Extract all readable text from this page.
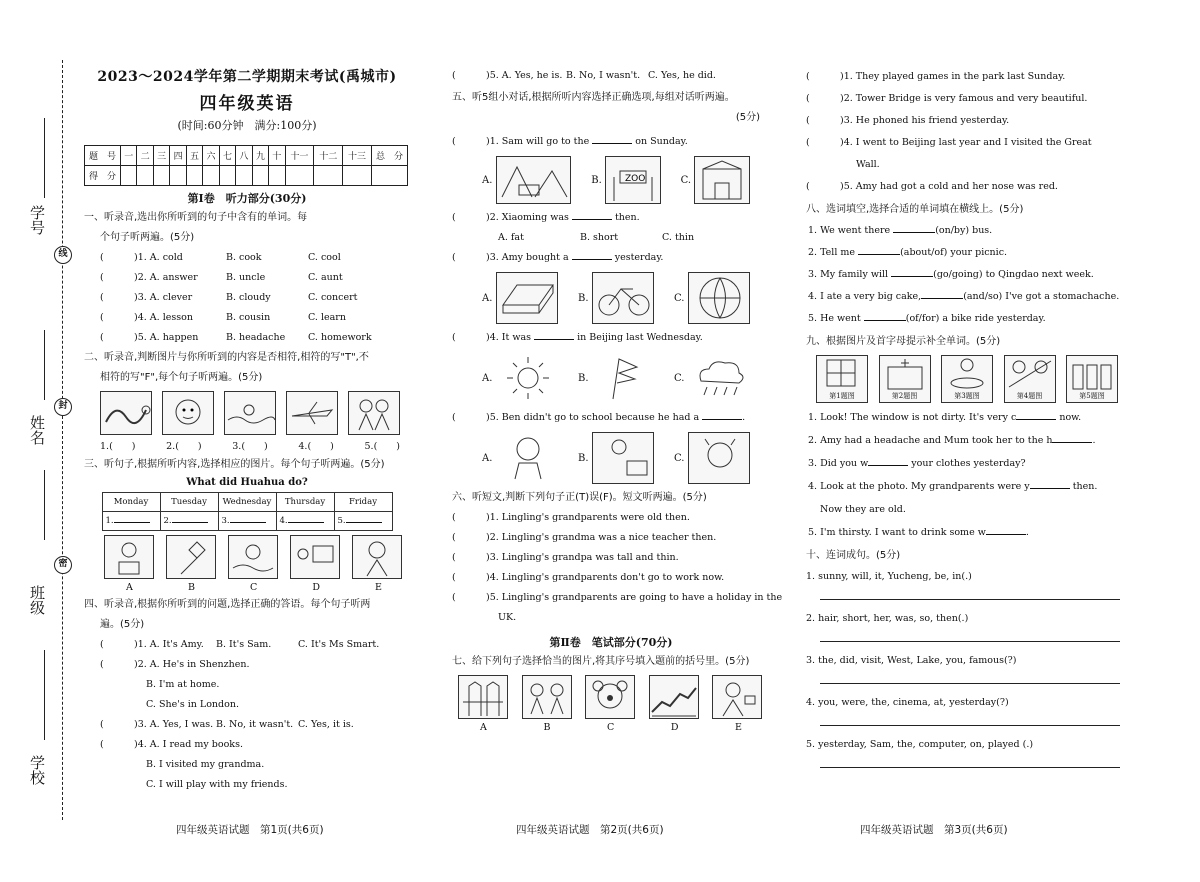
学号
姓名
班级
学校
线
封
密
2023～2024学年第二学期期末考试(禹城市)
四年级英语
(时间:60分钟　满分:100分)
题　号	一	二	三	四	五	六	七	八	九	十	十一	十二	十三	总　分
得　分														
第Ⅰ卷　听力部分(30分)
一、听录音,选出你所听到的句子中含有的单词。每
个句子听两遍。(5分)
(	)1. A. cold	B. cook	C. cool
(	)2. A. answer	B. uncle	C. aunt
(	)3. A. clever	B. cloudy	C. concert
(	)4. A. lesson	B. cousin	C. learn
(	)5. A. happen	B. headache C. homework
二、听录音,判断图片与你所听到的内容是否相符,相符的写"T",不
相符的写"F",每个句子听两遍。(5分)
1.(　　)	2.(　　)	3.(　　)	4.(　　)	5.(　　)
三、听句子,根据所听内容,选择相应的图片。每个句子听两遍。(5分)
What did Huahua do?
Monday	Tuesday	Wednesday	Thursday	Friday
1.	2.	3.	4.	5.
A	B	C	D	E
四、听录音,根据你所听到的问题,选择正确的答语。每个句子听两
遍。(5分)
(	)1. A. It's Amy. B. It's Sam.	C. It's Ms Smart.
(	)2. A. He's in Shenzhen.
B. I'm at home.
C. She's in London.
(	)3. A. Yes, I was. B. No, it wasn't. C. Yes, it is.
(	)4. A. I read my books.
B. I visited my grandma.
C. I will play with my friends.
(	)5. A. Yes, he is. B. No, I wasn't. C. Yes, he did.
五、听5组小对话,根据所听内容选择正确选项,每组对话听两遍。
(5分)
(	)1. Sam will go to the	on Sunday.
A.	B.	ZOO	C.
(	)2. Xiaoming was	then.
A. fat	B. short	C. thin
(	)3. Amy bought a	yesterday.
A.	B.	C.
(	)4. It was	in Beijing last Wednesday.
A.	B.	C.
(	)5. Ben didn't go to school because he had a	.
A.	B.	C.
六、听短文,判断下列句子正(T)误(F)。短文听两遍。(5分)
(	)1. Lingling's grandparents were old then.
(	)2. Lingling's grandma was a nice teacher then.
(	)3. Lingling's grandpa was tall and thin.
(	)4. Lingling's grandparents don't go to work now.
(	)5. Lingling's grandparents are going to have a holiday in the
UK.
第Ⅱ卷　笔试部分(70分)
七、给下列句子选择恰当的图片,将其序号填入题前的括号里。(5分)
A	B	C	D	E
(	)1. They played games in the park last Sunday.
(	)2. Tower Bridge is very famous and very beautiful.
(	)3. He phoned his friend yesterday.
(	)4. I went to Beijing last year and I visited the Great
Wall.
(	)5. Amy had got a cold and her nose was red.
八、选词填空,选择合适的单词填在横线上。(5分)
1. We went there	(on/by) bus.
2. Tell me	(about/of) your picnic.
3. My family will	(go/going) to Qingdao next week.
4. I ate a very big cake,	(and/so) I've got a stomachache.
5. He went	(of/for) a bike ride yesterday.
九、根据图片及首字母提示补全单词。(5分)
第1题图	第2题图	第3题图	第4题图	第5题图
1. Look! The window is not dirty. It's very c	now.
2. Amy had a headache and Mum took her to the h	.
3. Did you w	your clothes yesterday?
4. Look at the photo. My grandparents were y	then.
Now they are old.
5. I'm thirsty. I want to drink some w	.
十、连词成句。(5分)
1. sunny, will, it, Yucheng, be, in(.)
2. hair, short, her, was, so, then(.)
3. the, did, visit, West, Lake, you, famous(?)
4. you, were, the, cinema, at, yesterday(?)
5. yesterday, Sam, the, computer, on, played (.)
四年级英语试题　第1页(共6页)	四年级英语试题　第2页(共6页)	四年级英语试题　第3页(共6页)
